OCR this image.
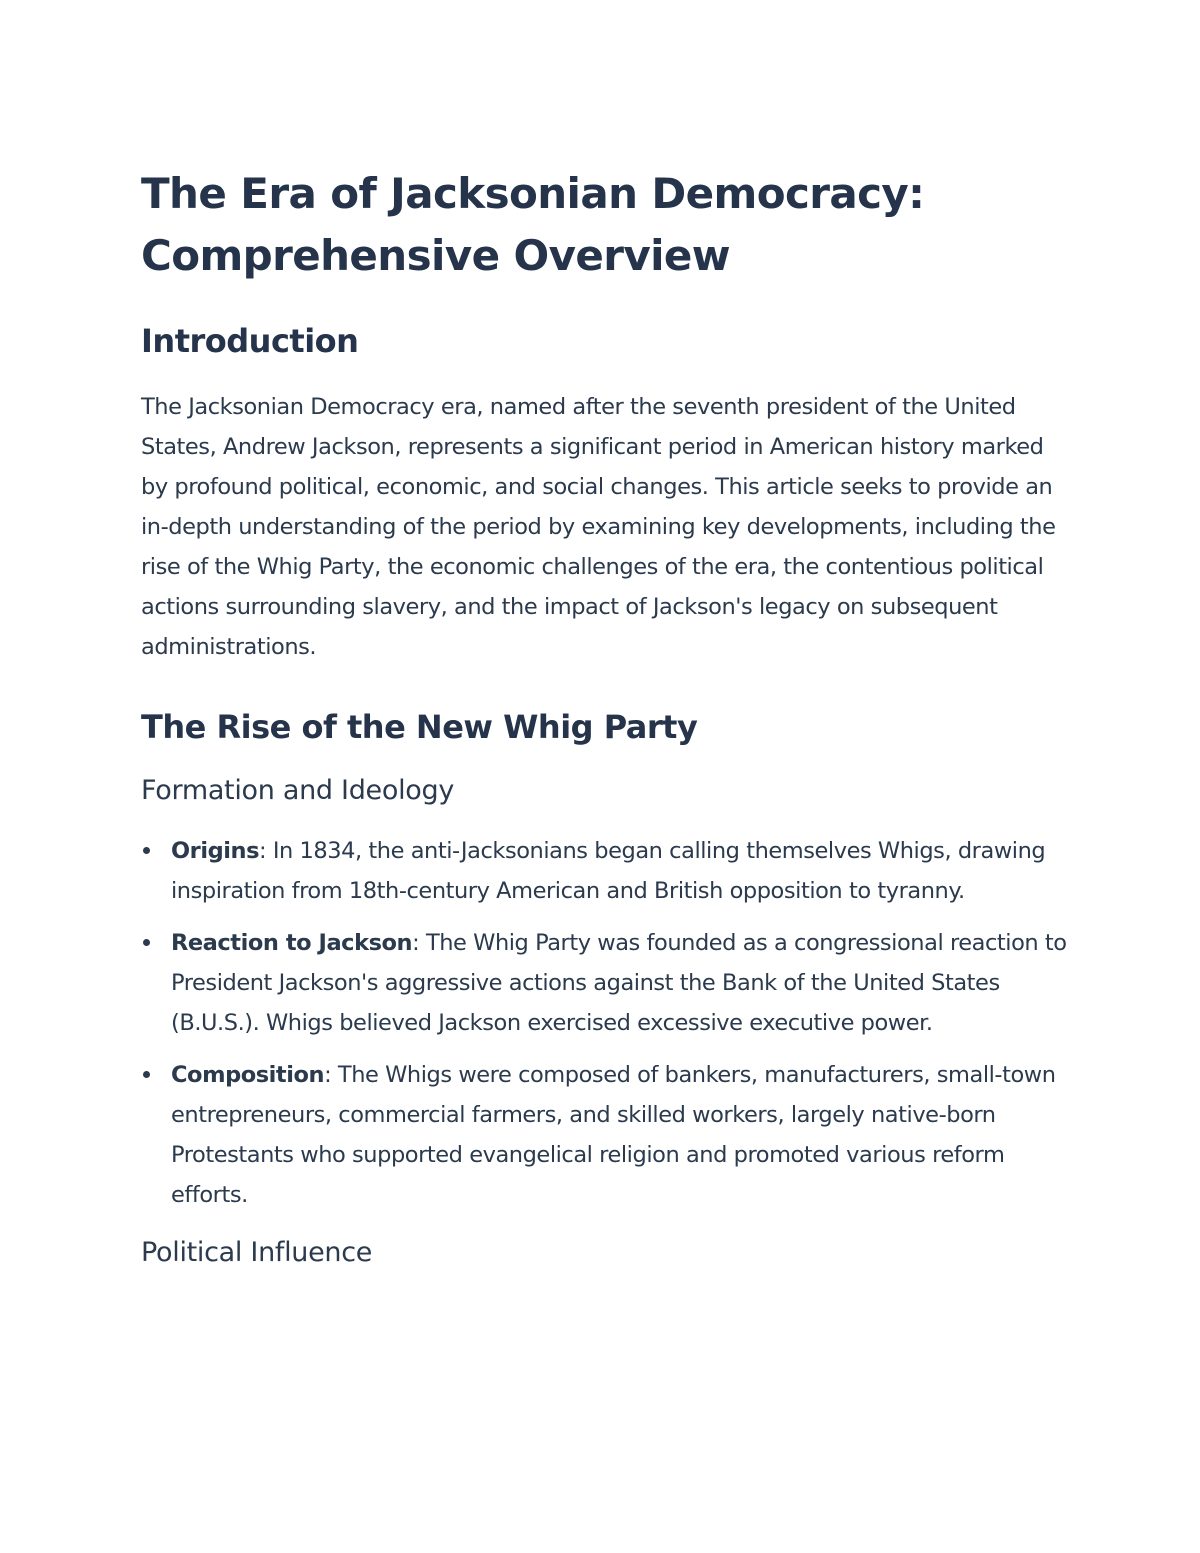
The Era of Jacksonian Democracy: Comprehensive Overview
Introduction

The Jacksonian Democracy era, named after the seventh president of the United States, Andrew Jackson, represents a significant period in American history marked by profound political, economic, and social changes. This article seeks to provide an in-depth understanding of the period by examining key developments, including the rise of the Whig Party, the economic challenges of the era, the contentious political actions surrounding slavery, and the impact of Jackson's legacy on subsequent administrations.

The Rise of the New Whig Party
Formation and Ideology
Origins: In 1834, the anti-Jacksonians began calling themselves Whigs, drawing inspiration from 18th-century American and British opposition to tyranny.
Reaction to Jackson: The Whig Party was founded as a congressional reaction to President Jackson's aggressive actions against the Bank of the United States (B.U.S.). Whigs believed Jackson exercised excessive executive power.
Composition: The Whigs were composed of bankers, manufacturers, small-town entrepreneurs, commercial farmers, and skilled workers, largely native-born Protestants who supported evangelical religion and promoted various reform efforts.
Political Influence
